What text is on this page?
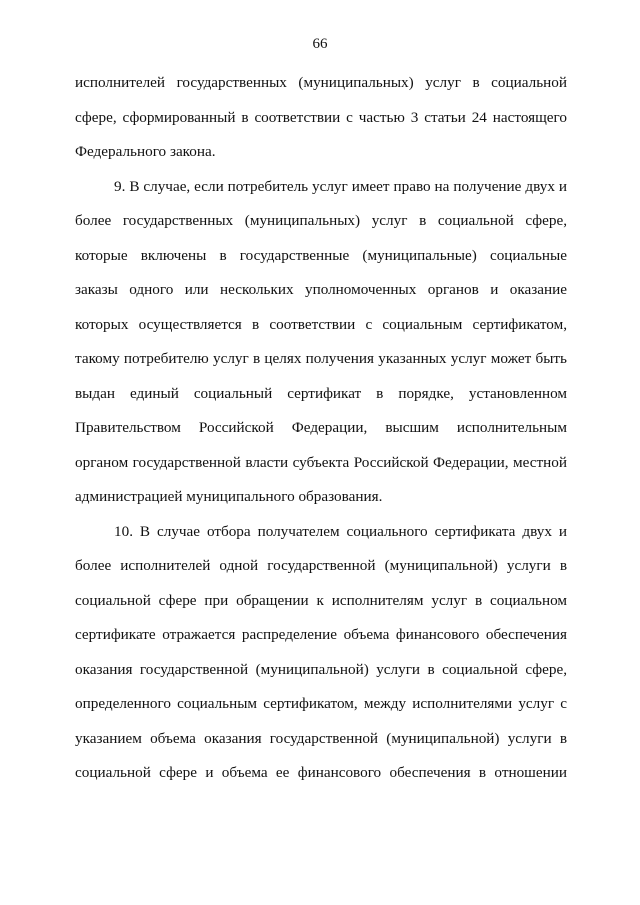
66
исполнителей государственных (муниципальных) услуг в социальной
сфере, сформированный в соответствии с частью 3 статьи 24 настоящего
Федерального закона.
9. В случае, если потребитель услуг имеет право на получение двух и
более государственных (муниципальных) услуг в социальной сфере,
которые включены в государственные (муниципальные) социальные
заказы одного или нескольких уполномоченных органов и оказание
которых осуществляется в соответствии с социальным сертификатом,
такому потребителю услуг в целях получения указанных услуг может быть
выдан единый социальный сертификат в порядке, установленном
Правительством Российской Федерации, высшим исполнительным
органом государственной власти субъекта Российской Федерации, местной
администрацией муниципального образования.
10. В случае отбора получателем социального сертификата двух и
более исполнителей одной государственной (муниципальной) услуги в
социальной сфере при обращении к исполнителям услуг в социальном
сертификате отражается распределение объема финансового обеспечения
оказания государственной (муниципальной) услуги в социальной сфере,
определенного социальным сертификатом, между исполнителями услуг с
указанием объема оказания государственной (муниципальной) услуги в
социальной сфере и объема ее финансового обеспечения в отношении
